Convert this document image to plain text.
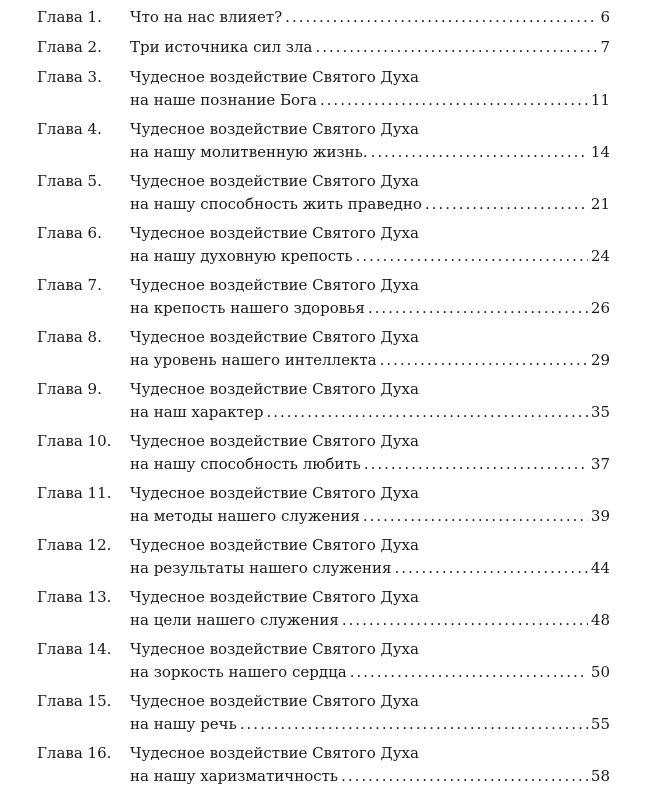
Глава 1. Что на нас влияет? .....	6
Глава 2. Три источника сил зла .....	7
Глава 3. Чудесное воздействие Святого Духа
на наше познание Бога .....	11
Глава 4. Чудесное воздействие Святого Духа
на нашу молитвенную жизнь. .....	14
Глава 5. Чудесное воздействие Святого Духа
на нашу способность жить праведно .....	21
Глава 6. Чудесное воздействие Святого Духа
на нашу духовную крепость .....	24
Глава 7. Чудесное воздействие Святого Духа
на крепость нашего здоровья .....	26
Глава 8. Чудесное воздействие Святого Духа
на уровень нашего интеллекта .....	29
Глава 9. Чудесное воздействие Святого Духа
на наш характер .....	35
Глава 10. Чудесное воздействие Святого Духа
на нашу способность любить .....	37
Глава 11. Чудесное воздействие Святого Духа
на методы нашего служения .....	39
Глава 12. Чудесное воздействие Святого Духа
на результаты нашего служения .....	44
Глава 13. Чудесное воздействие Святого Духа
на цели нашего служения .....	48
Глава 14. Чудесное воздействие Святого Духа
на зоркость нашего сердца .....	50
Глава 15. Чудесное воздействие Святого Духа
на нашу речь .....	55
Глава 16. Чудесное воздействие Святого Духа
на нашу харизматичность .....	58
